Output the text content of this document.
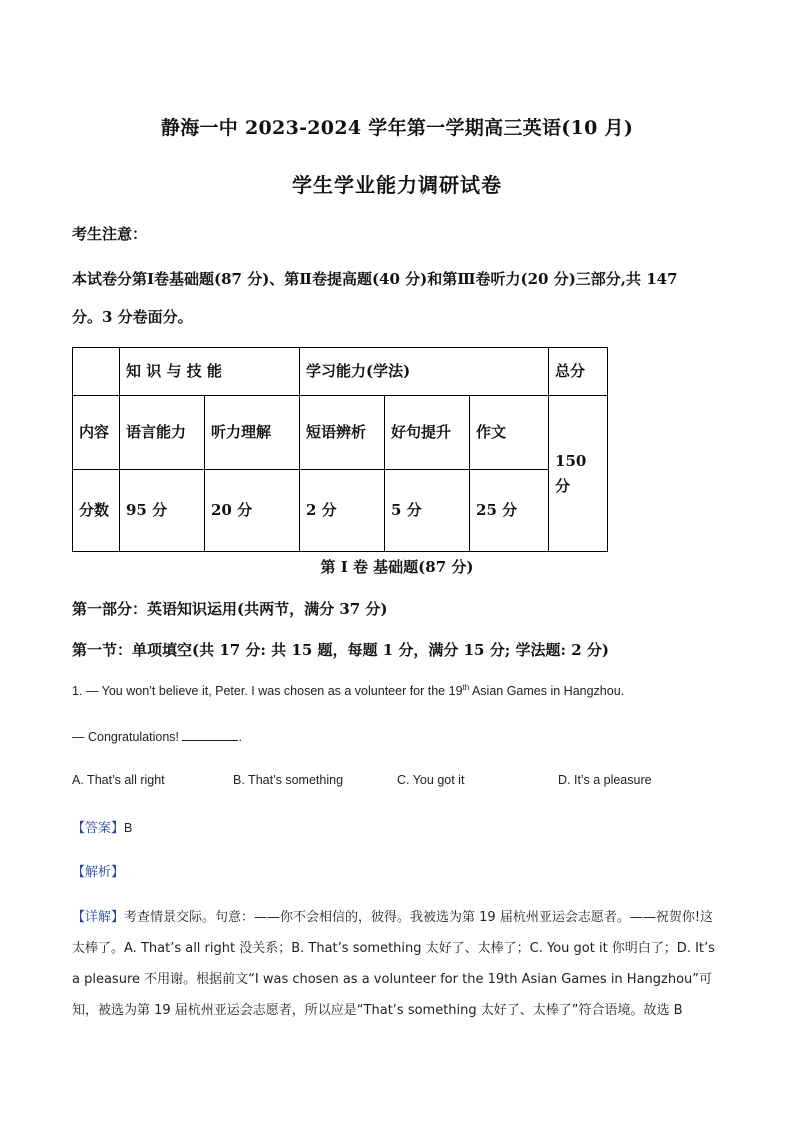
静海一中 2023-2024 学年第一学期高三英语(10 月)
学生学业能力调研试卷
考生注意：
本试卷分第Ⅰ卷基础题(87 分)、第Ⅱ卷提高题(40 分)和第Ⅲ卷听力(20 分)三部分,共 147
分。3 分卷面分。
	知 识 与 技 能		学习能力(学法)			总分
内容	语言能力	听力理解	短语辨析	好句提升	作文	150 分
分数	95 分	20 分	2 分	5 分	25 分	
第 I 卷 基础题(87 分)
第一部分：英语知识运用(共两节，满分 37 分)
第一节：单项填空(共 17 分: 共 15 题，每题 1 分，满分 15 分; 学法题: 2 分)
1. — You won’t believe it, Peter. I was chosen as a volunteer for the 19th Asian Games in Hangzhou.
— Congratulations!	.
A. That’s all right	B. That’s something	C. You got it	D. It’s a pleasure
【答案】B
【解析】
【详解】考查情景交际。句意：——你不会相信的，彼得。我被选为第 19 届杭州亚运会志愿者。——祝贺你!这太棒了。A. That’s all right 没关系；B. That’s something 太好了、太棒了；C. You got it 你明白了；D. It’s a pleasure 不用谢。根据前文“I was chosen as a volunteer for the 19th Asian Games in Hangzhou”可知，被选为第 19 届杭州亚运会志愿者，所以应是“That’s something 太好了、太棒了”符合语境。故选 B
